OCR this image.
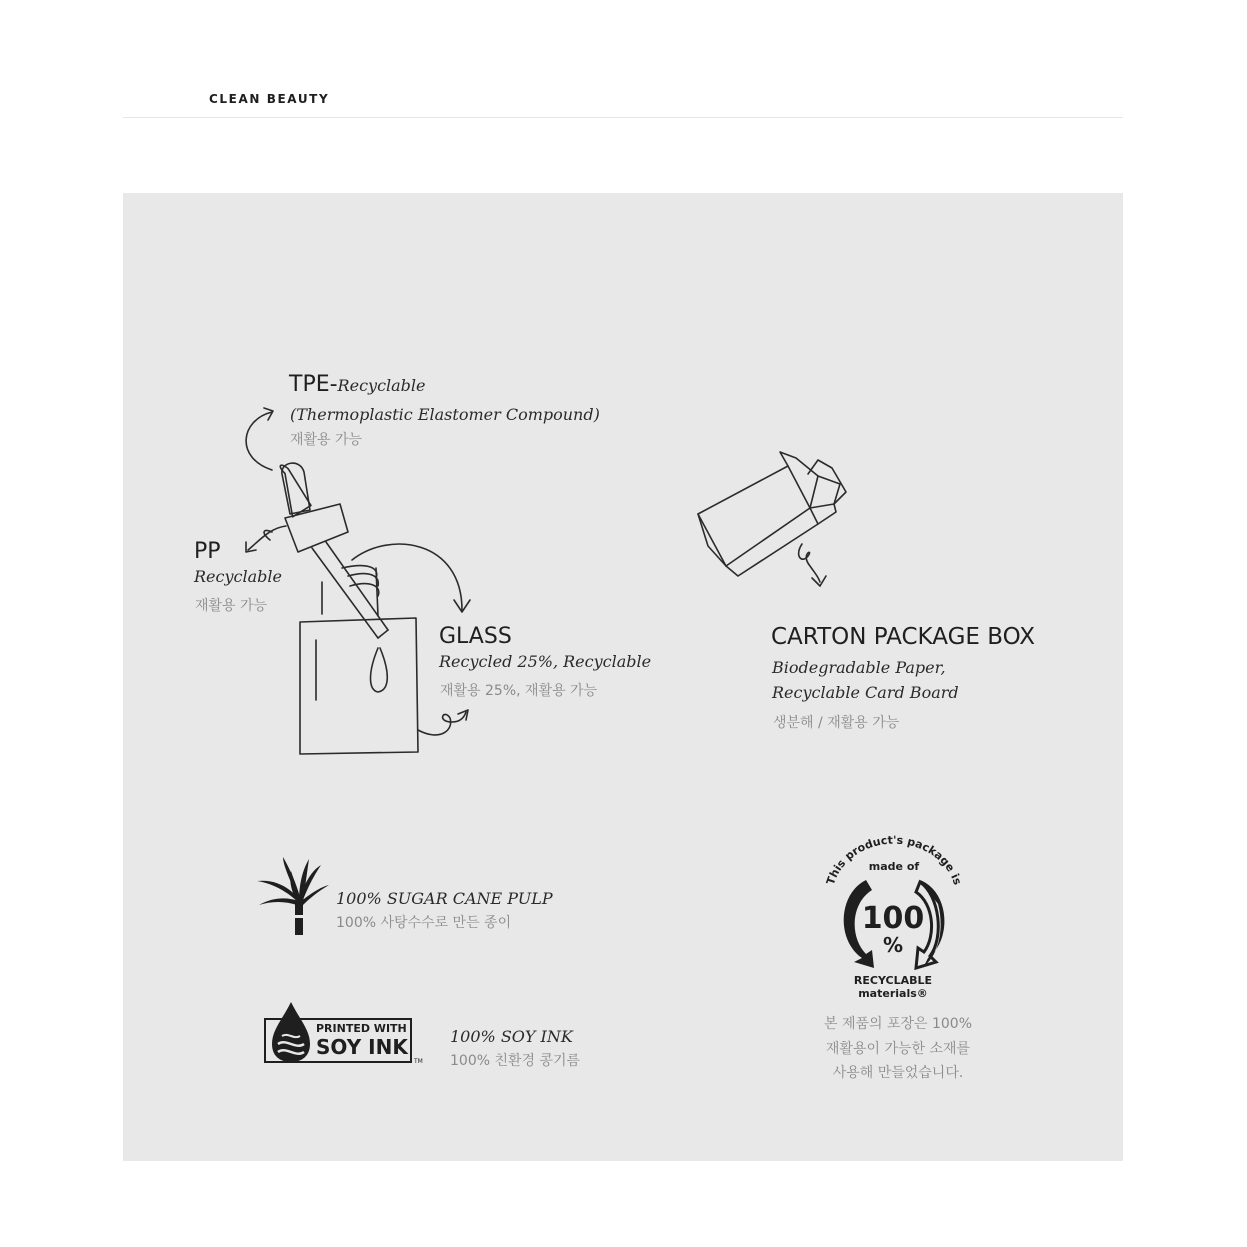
CLEAN BEAUTY
TPE-Recyclable
(Thermoplastic Elastomer Compound)
재활용 가능
PP
Recyclable
재활용 가능
GLASS
Recycled 25%, Recyclable
재활용 25%, 재활용 가능
CARTON PACKAGE BOX
Biodegradable Paper,
Recyclable Card Board
생분해 / 재활용 가능
100% SUGAR CANE PULP
100% 사탕수수로 만든 종이
PRINTED WITH
SOY INK
TM
100% SOY INK
100% 친환경 콩기름
This product's package is
made of
100
%
RECYCLABLE
materials®
본 제품의 포장은 100%
재활용이 가능한 소재를
사용해 만들었습니다.
